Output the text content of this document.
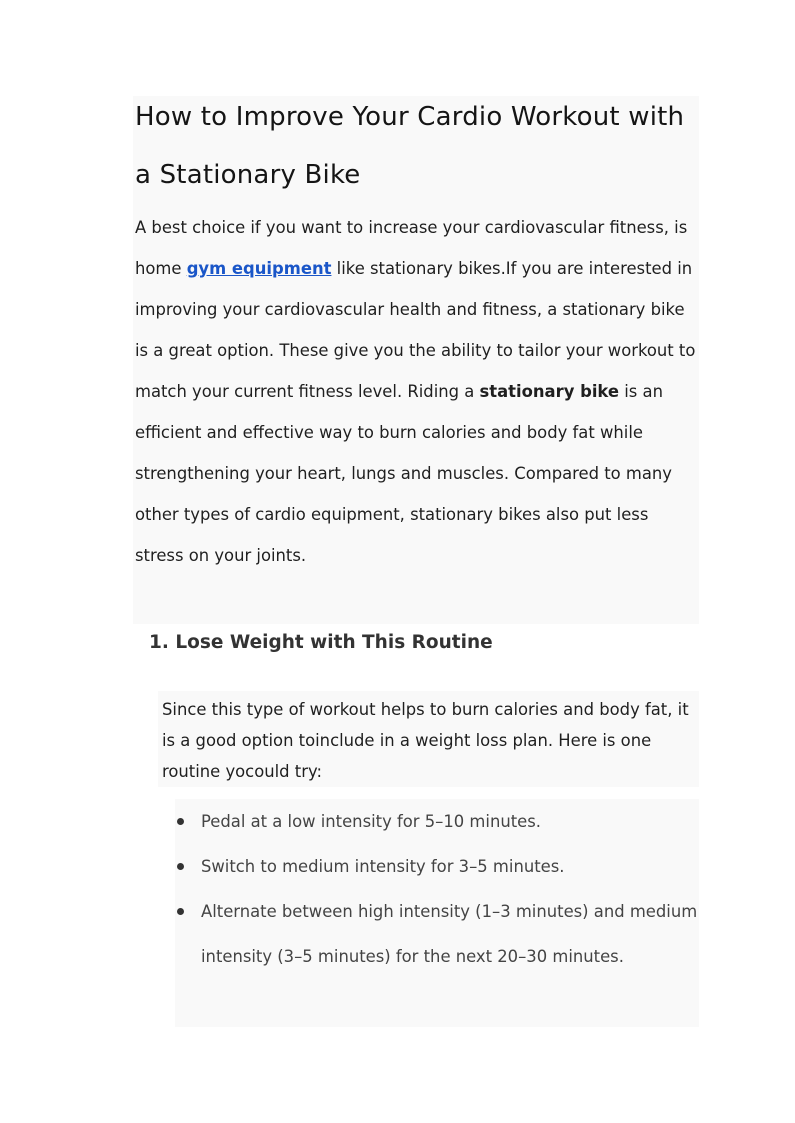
How to Improve Your Cardio Workout with a Stationary Bike

A best choice if you want to increase your cardiovascular fitness, is home gym equipment like stationary bikes.If you are interested in improving your cardiovascular health and fitness, a stationary bike is a great option. These give you the ability to tailor your workout to match your current fitness level. Riding a stationary bike is an efficient and effective way to burn calories and body fat while strengthening your heart, lungs and muscles. Compared to many other types of cardio equipment, stationary bikes also put less stress on your joints.

1. Lose Weight with This Routine

Since this type of workout helps to burn calories and body fat, it is a good option toinclude in a weight loss plan. Here is one routine yocould try:

Pedal at a low intensity for 5–10 minutes.
Switch to medium intensity for 3–5 minutes.
Alternate between high intensity (1–3 minutes) and medium intensity (3–5 minutes) for the next 20–30 minutes.
